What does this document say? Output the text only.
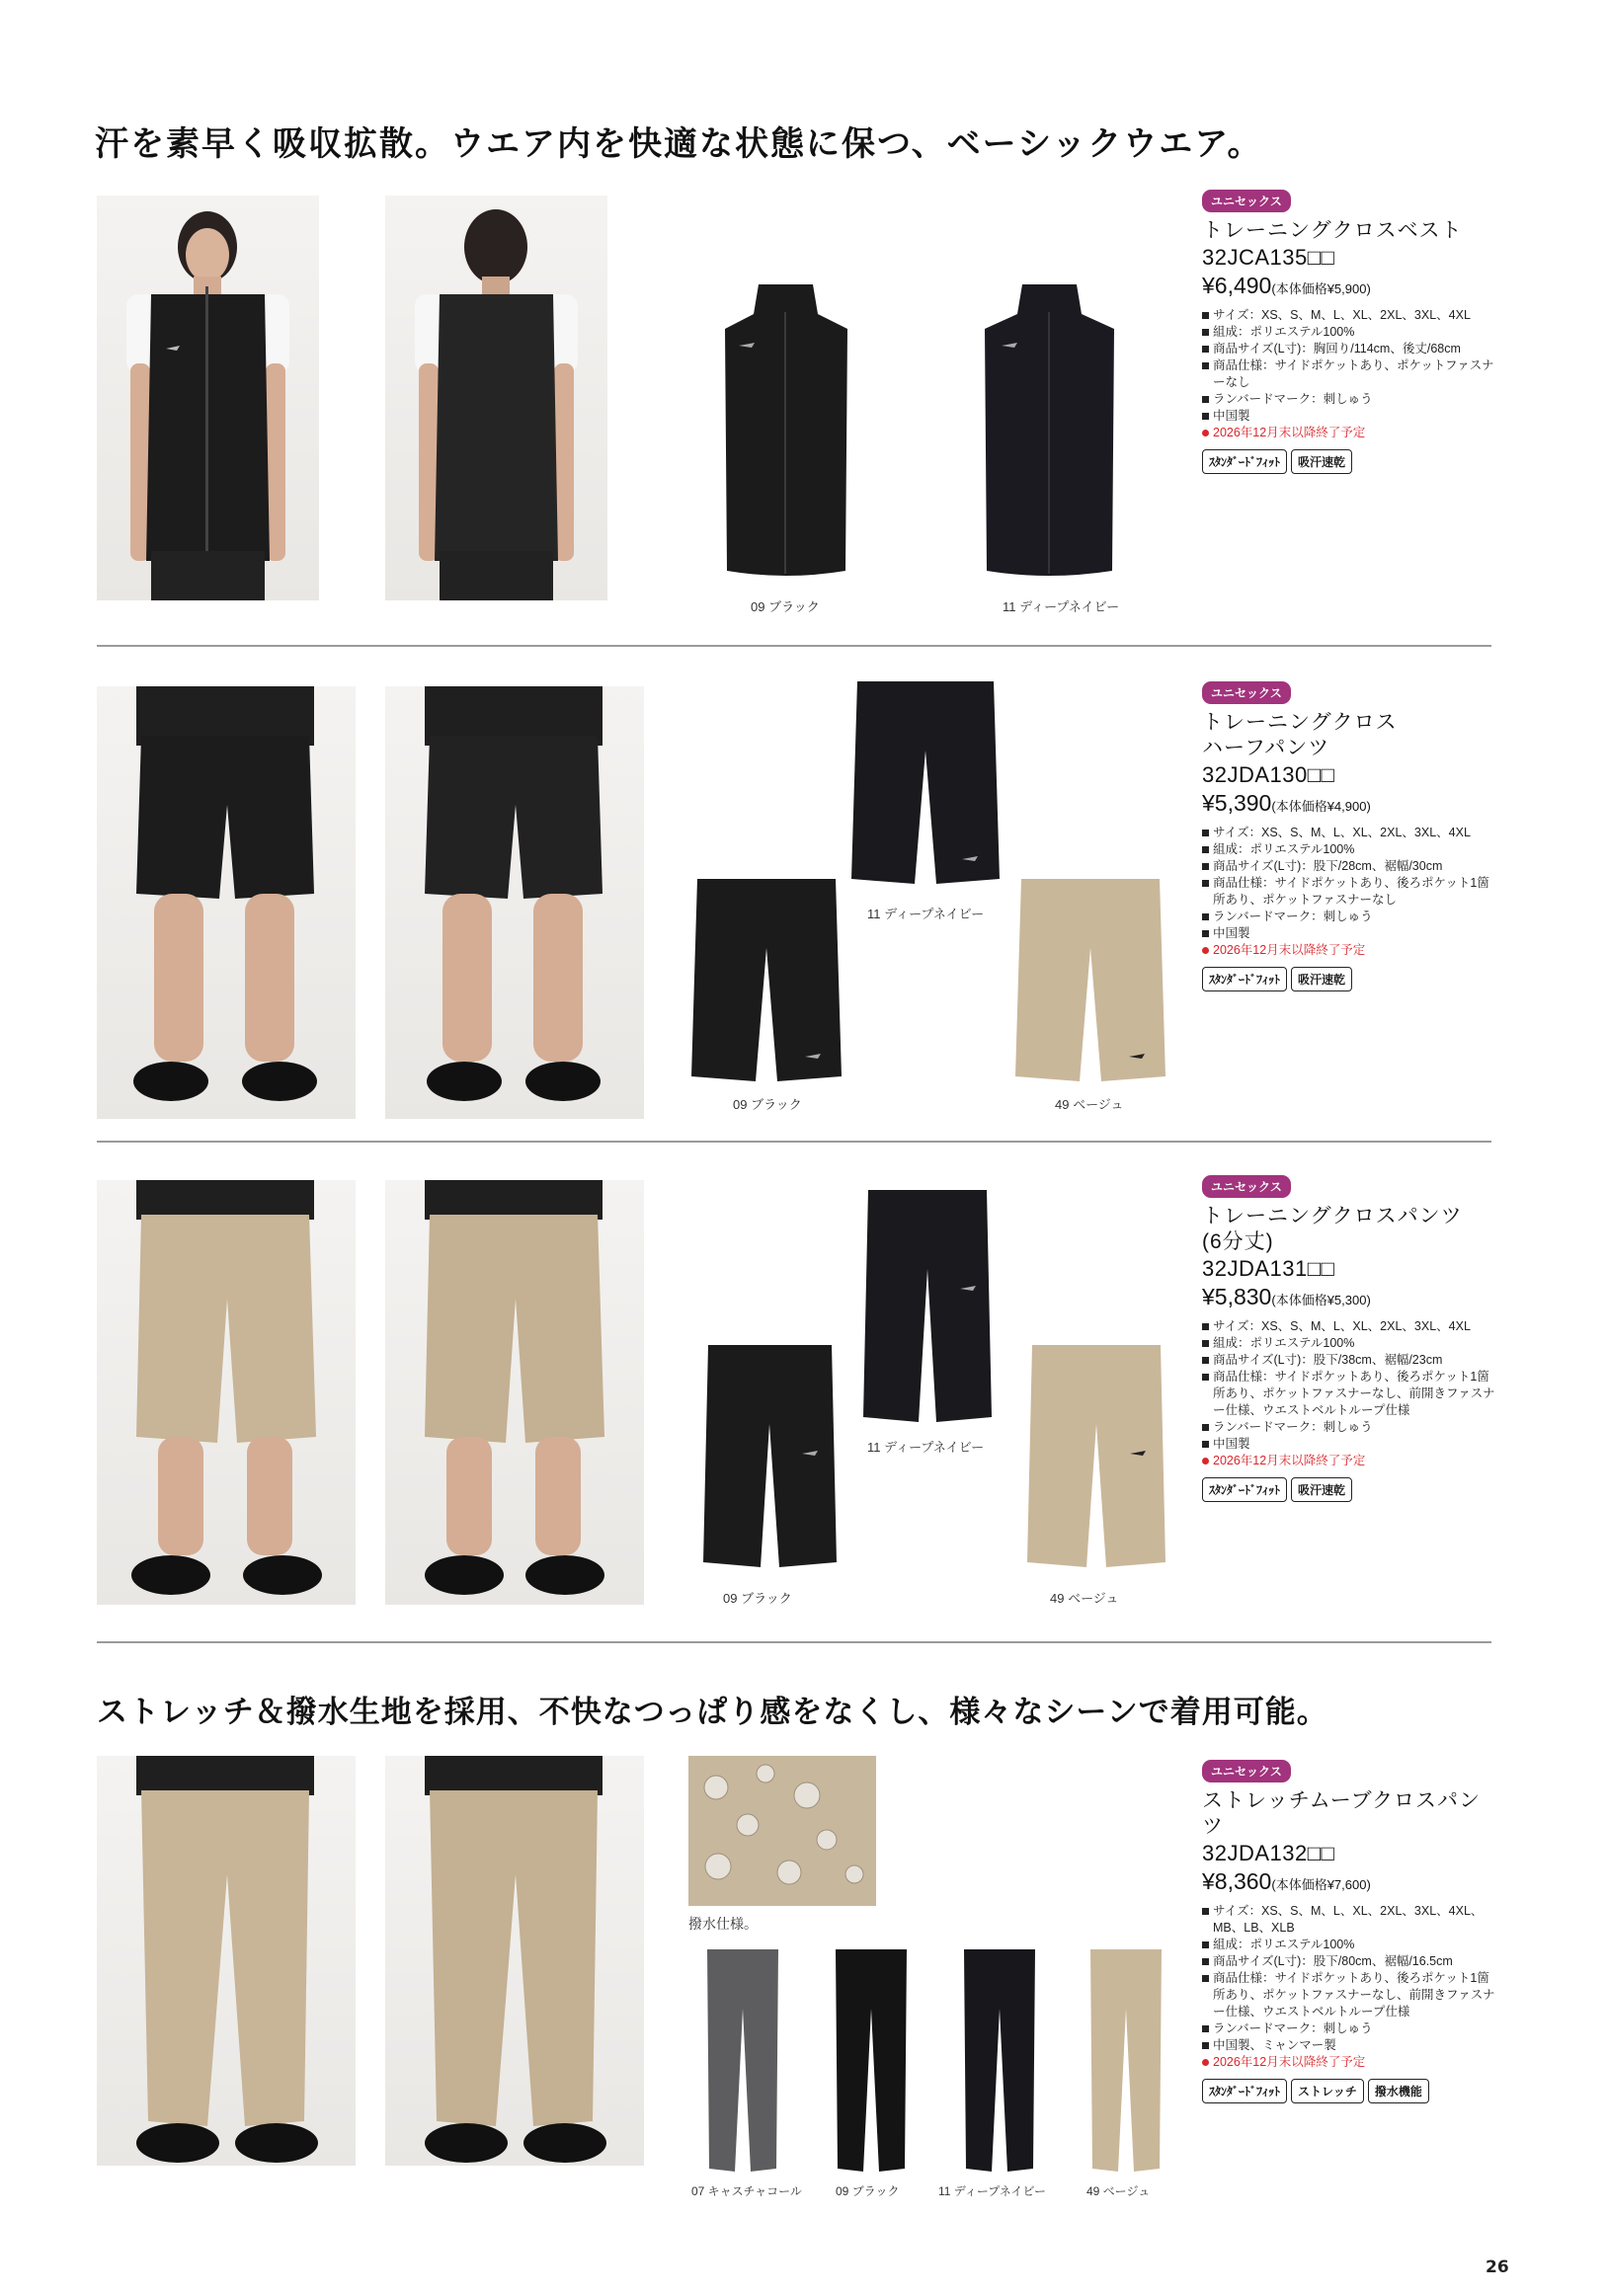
汗を素早く吸収拡散。ウエア内を快適な状態に保つ、ベーシックウエア。
09 ブラック	11 ディープネイビー
ユニセックス
トレーニングクロスベスト
32JCA135□□
¥6,490(本体価格¥5,900)
サイズ：XS、S、M、L、XL、2XL、3XL、4XL
組成：ポリエステル100%
商品サイズ(L寸)：胸回り/114cm、後丈/68cm
商品仕様：サイドポケットあり、ポケットファスナーなし
ランバードマーク：刺しゅう
中国製
2026年12月末以降終了予定
ｽﾀﾝﾀﾞｰﾄﾞﾌｨｯﾄ 吸汗速乾
11 ディープネイビー
09 ブラック	49 ベージュ
ユニセックス
トレーニングクロス
ハーフパンツ
32JDA130□□
¥5,390(本体価格¥4,900)
サイズ：XS、S、M、L、XL、2XL、3XL、4XL
組成：ポリエステル100%
商品サイズ(L寸)：股下/28cm、裾幅/30cm
商品仕様：サイドポケットあり、後ろポケット1箇所あり、ポケットファスナーなし
ランバードマーク：刺しゅう
中国製
2026年12月末以降終了予定
ｽﾀﾝﾀﾞｰﾄﾞﾌｨｯﾄ 吸汗速乾
11 ディープネイビー
09 ブラック	49 ベージュ
ユニセックス
トレーニングクロスパンツ
(6分丈)
32JDA131□□
¥5,830(本体価格¥5,300)
サイズ：XS、S、M、L、XL、2XL、3XL、4XL
組成：ポリエステル100%
商品サイズ(L寸)：股下/38cm、裾幅/23cm
商品仕様：サイドポケットあり、後ろポケット1箇所あり、ポケットファスナーなし、前開きファスナー仕様、ウエストベルトループ仕様
ランバードマーク：刺しゅう
中国製
2026年12月末以降終了予定
ｽﾀﾝﾀﾞｰﾄﾞﾌｨｯﾄ 吸汗速乾
ストレッチ＆撥水生地を採用、不快なつっぱり感をなくし、様々なシーンで着用可能。
撥水仕様。
07 キャスチャコール	09 ブラック	11 ディープネイビー	49 ベージュ
ユニセックス
ストレッチムーブクロスパンツ
32JDA132□□
¥8,360(本体価格¥7,600)
サイズ：XS、S、M、L、XL、2XL、3XL、4XL、MB、LB、XLB
組成：ポリエステル100%
商品サイズ(L寸)：股下/80cm、裾幅/16.5cm
商品仕様：サイドポケットあり、後ろポケット1箇所あり、ポケットファスナーなし、前開きファスナー仕様、ウエストベルトループ仕様
ランバードマーク：刺しゅう
中国製、ミャンマー製
2026年12月末以降終了予定
ｽﾀﾝﾀﾞｰﾄﾞﾌｨｯﾄ ストレッチ 撥水機能
26
